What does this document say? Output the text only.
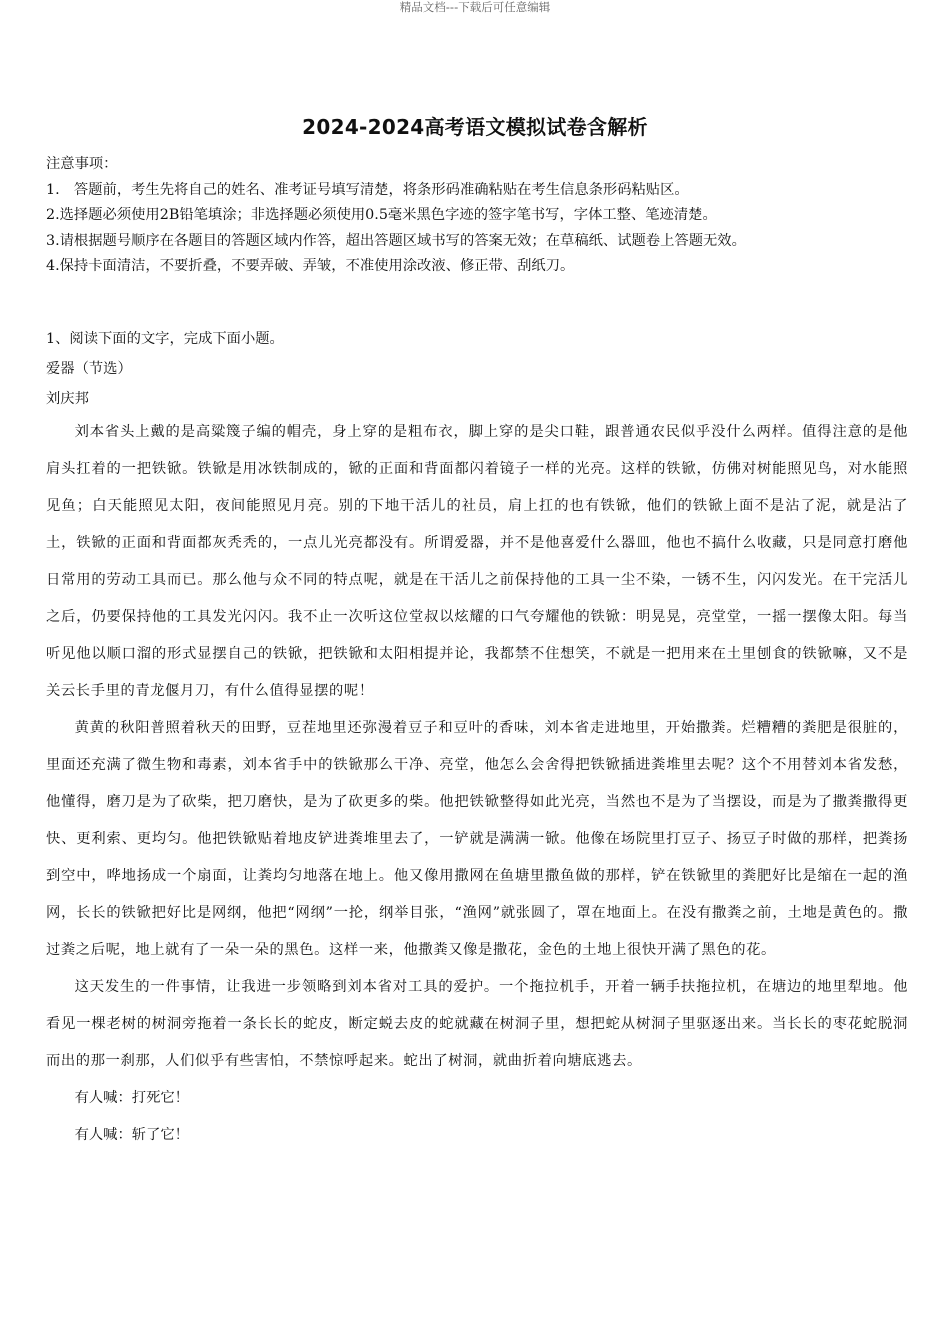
精品文档---下载后可任意编辑
2024-2024高考语文模拟试卷含解析
注意事项：
1.　答题前，考生先将自己的姓名、准考证号填写清楚，将条形码准确粘贴在考生信息条形码粘贴区。
2.选择题必须使用2B铅笔填涂；非选择题必须使用0.5毫米黑色字迹的签字笔书写，字体工整、笔迹清楚。
3.请根据题号顺序在各题目的答题区域内作答，超出答题区域书写的答案无效；在草稿纸、试题卷上答题无效。
4.保持卡面清洁，不要折叠，不要弄破、弄皱，不准使用涂改液、修正带、刮纸刀。
1、阅读下面的文字，完成下面小题。
爱器（节选）
刘庆邦

刘本省头上戴的是高粱篾子编的帽壳，身上穿的是粗布衣，脚上穿的是尖口鞋，跟普通农民似乎没什么两样。值得注意的是他肩头扛着的一把铁锨。铁锨是用冰铁制成的，锨的正面和背面都闪着镜子一样的光亮。这样的铁锨，仿佛对树能照见鸟，对水能照见鱼；白天能照见太阳，夜间能照见月亮。别的下地干活儿的社员，肩上扛的也有铁锨，他们的铁锨上面不是沾了泥，就是沾了土，铁锨的正面和背面都灰秃秃的，一点儿光亮都没有。所谓爱器，并不是他喜爱什么器皿，他也不搞什么收藏，只是同意打磨他日常用的劳动工具而已。那么他与众不同的特点呢，就是在干活儿之前保持他的工具一尘不染，一锈不生，闪闪发光。在干完活儿之后，仍要保持他的工具发光闪闪。我不止一次听这位堂叔以炫耀的口气夸耀他的铁锨：明晃晃，亮堂堂，一摇一摆像太阳。每当听见他以顺口溜的形式显摆自己的铁锨，把铁锨和太阳相提并论，我都禁不住想笑，不就是一把用来在土里刨食的铁锨嘛，又不是关云长手里的青龙偃月刀，有什么值得显摆的呢！

黄黄的秋阳普照着秋天的田野，豆茬地里还弥漫着豆子和豆叶的香味，刘本省走进地里，开始撒粪。烂糟糟的粪肥是很脏的，里面还充满了微生物和毒素，刘本省手中的铁锨那么干净、亮堂，他怎么会舍得把铁锨插进粪堆里去呢？这个不用替刘本省发愁，他懂得，磨刀是为了砍柴，把刀磨快，是为了砍更多的柴。他把铁锨整得如此光亮，当然也不是为了当摆设，而是为了撒粪撒得更快、更利索、更均匀。他把铁锨贴着地皮铲进粪堆里去了，一铲就是满满一锨。他像在场院里打豆子、扬豆子时做的那样，把粪扬到空中，哗地扬成一个扇面，让粪均匀地落在地上。他又像用撒网在鱼塘里撒鱼做的那样，铲在铁锨里的粪肥好比是缩在一起的渔网，长长的铁锨把好比是网纲，他把“网纲”一抡，纲举目张，“渔网”就张圆了，罩在地面上。在没有撒粪之前，土地是黄色的。撒过粪之后呢，地上就有了一朵一朵的黑色。这样一来，他撒粪又像是撒花，金色的土地上很快开满了黑色的花。

这天发生的一件事情，让我进一步领略到刘本省对工具的爱护。一个拖拉机手，开着一辆手扶拖拉机，在塘边的地里犁地。他看见一棵老树的树洞旁拖着一条长长的蛇皮，断定蜕去皮的蛇就藏在树洞子里，想把蛇从树洞子里驱逐出来。当长长的枣花蛇脱洞而出的那一刹那，人们似乎有些害怕，不禁惊呼起来。蛇出了树洞，就曲折着向塘底逃去。

有人喊：打死它！

有人喊：斩了它！
